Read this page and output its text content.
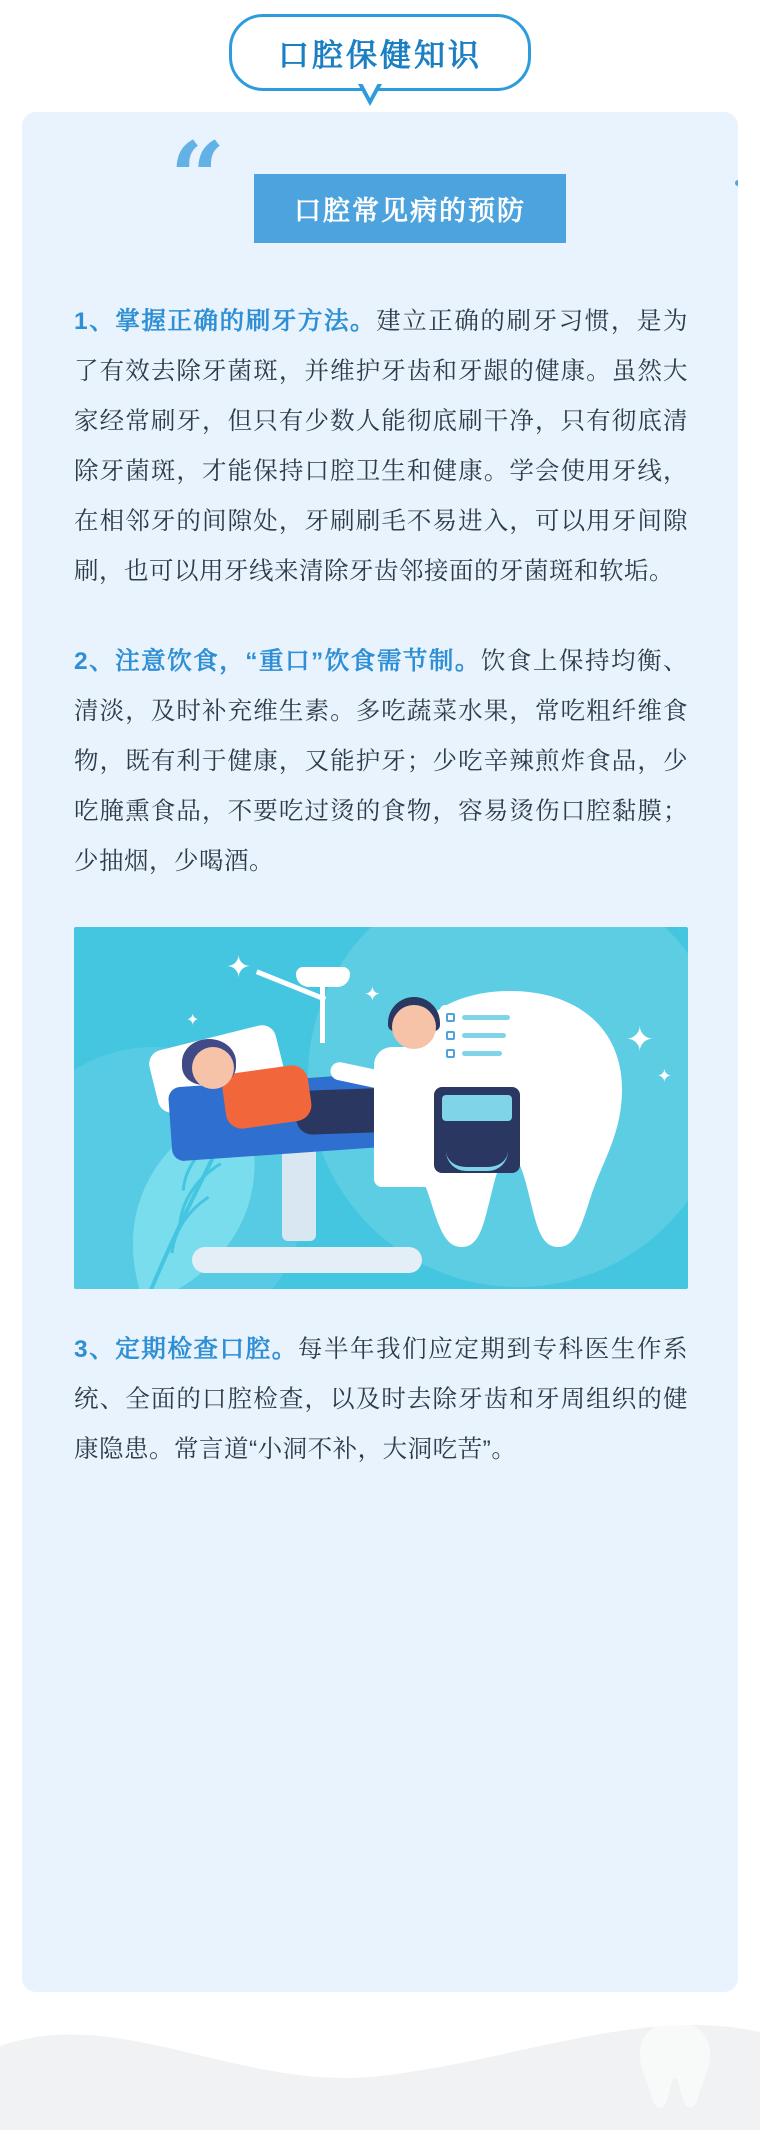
口腔保健知识
“	口腔常见病的预防

1、掌握正确的刷牙方法。建立正确的刷牙习惯，是为了有效去除牙菌斑，并维护牙齿和牙龈的健康。虽然大家经常刷牙，但只有少数人能彻底刷干净，只有彻底清除牙菌斑，才能保持口腔卫生和健康。学会使用牙线，在相邻牙的间隙处，牙刷刷毛不易进入，可以用牙间隙刷，也可以用牙线来清除牙齿邻接面的牙菌斑和软垢。

2、注意饮食，“重口”饮食需节制。饮食上保持均衡、清淡，及时补充维生素。多吃蔬菜水果，常吃粗纤维食物，既有利于健康，又能护牙；少吃辛辣煎炸食品，少吃腌熏食品，不要吃过烫的食物，容易烫伤口腔黏膜；少抽烟，少喝酒。

✦
✦
✦
✦
✦

3、定期检查口腔。每半年我们应定期到专科医生作系统、全面的口腔检查，以及时去除牙齿和牙周组织的健康隐患。常言道“小洞不补，大洞吃苦”。
